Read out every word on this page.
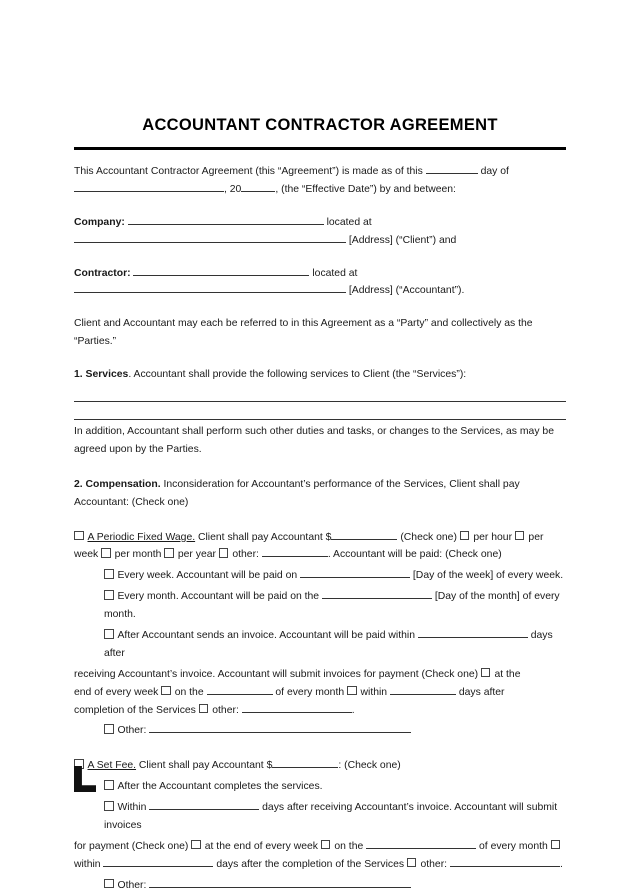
ACCOUNTANT CONTRACTOR AGREEMENT

This Accountant Contractor Agreement (this “Agreement”) is made as of this	day of
, 20	, (the “Effective Date”) by and between:

Company:	located at
[Address] (“Client”) and

Contractor:	located at
[Address] (“Accountant”).

Client and Accountant may each be referred to in this Agreement as a “Party” and collectively as the “Parties.”

1. Services. Accountant shall provide the following services to Client (the “Services”):

In addition, Accountant shall perform such other duties and tasks, or changes to the Services, as may be agreed upon by the Parties.

2. Compensation. Inconsideration for Accountant’s performance of the Services, Client shall pay Accountant: (Check one)

A Periodic Fixed Wage. Client shall pay Accountant $	(Check one) per hour per
week per month per year other:	. Accountant will be paid: (Check one)

Every week. Accountant will be paid on	[Day of the week] of every week.

Every month. Accountant will be paid on the	[Day of the month] of every month.

After Accountant sends an invoice. Accountant will be paid within	days after

receiving Accountant’s invoice. Accountant will submit invoices for payment (Check one) at the
end of every week on the	of every month within	days after
completion of the Services other:	.

Other:

A Set Fee. Client shall pay Accountant $	: (Check one)

After the Accountant completes the services.

Within	days after receiving Accountant’s invoice. Accountant will submit invoices

for payment (Check one) at the end of every week on the	of every month
within	days after the completion of the Services other:	.

Other:
